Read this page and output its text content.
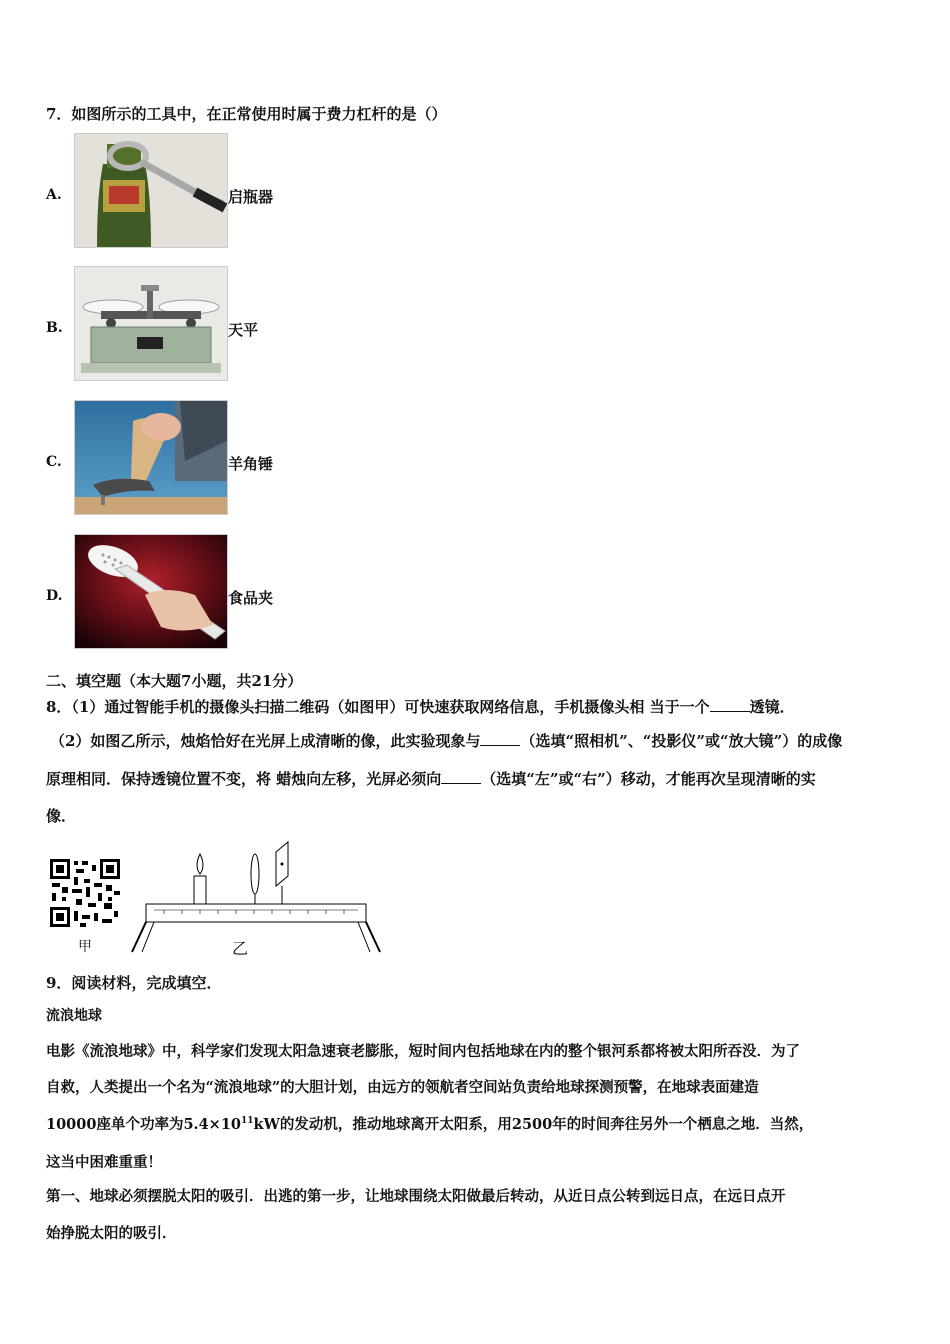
7．如图所示的工具中，在正常使用时属于费力杠杆的是（）
A.	启瓶器
B.	天平
C.	羊角锤
D.	食品夹
二、填空题（本大题7小题，共21分）
8．（1）通过智能手机的摄像头扫描二维码（如图甲）可快速获取网络信息，手机摄像头相 当于一个	透镜．
（2）如图乙所示，烛焰恰好在光屏上成清晰的像，此实验现象与	（选填“照相机”、“投影仪”或“放大镜”）的成像
原理相同．保持透镜位置不变，将 蜡烛向左移，光屏必须向	（选填“左”或“右”）移动，才能再次呈现清晰的实
像．
甲	乙
9．阅读材料，完成填空．
流浪地球
电影《流浪地球》中，科学家们发现太阳急速衰老膨胀，短时间内包括地球在内的整个银河系都将被太阳所吞没．为了
自救，人类提出一个名为“流浪地球”的大胆计划，由远方的领航者空间站负责给地球探测预警，在地球表面建造
10000座单个功率为$5.4\times 10^{11}kW$的发动机，推动地球离开太阳系，用2500年的时间奔往另外一个栖息之地．当然，
这当中困难重重！
第一、地球必须摆脱太阳的吸引．出逃的第一步，让地球围绕太阳做最后转动，从近日点公转到远日点，在远日点开
始挣脱太阳的吸引．
